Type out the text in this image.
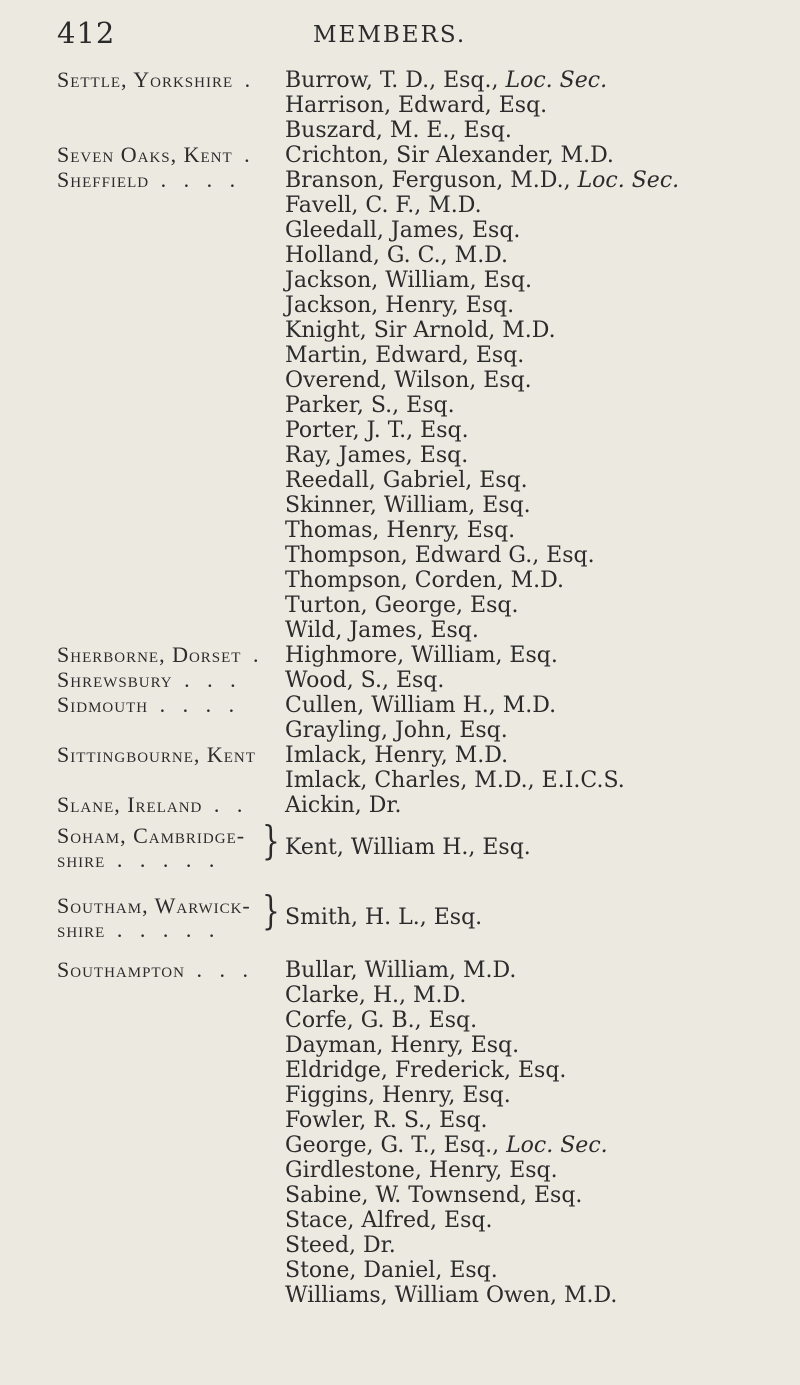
412	MEMBERS.
Settle, Yorkshire . Burrow, T. D., Esq., Loc. Sec.
Harrison, Edward, Esq.
Buszard, M. E., Esq.
Seven Oaks, Kent . Crichton, Sir Alexander, M.D.
Sheffield . . . .	Branson, Ferguson, M.D., Loc. Sec.
Favell, C. F., M.D.
Gleedall, James, Esq.
Holland, G. C., M.D.
Jackson, William, Esq.
Jackson, Henry, Esq.
Knight, Sir Arnold, M.D.
Martin, Edward, Esq.
Overend, Wilson, Esq.
Parker, S., Esq.
Porter, J. T., Esq.
Ray, James, Esq.
Reedall, Gabriel, Esq.
Skinner, William, Esq.
Thomas, Henry, Esq.
Thompson, Edward G., Esq.
Thompson, Corden, M.D.
Turton, George, Esq.
Wild, James, Esq.
Sherborne, Dorset . Highmore, William, Esq.
Shrewsbury . . .	Wood, S., Esq.
Sidmouth . . . .	Cullen, William H., M.D.
Grayling, John, Esq.
Sittingbourne, Kent Imlack, Henry, M.D.
Imlack, Charles, M.D., E.I.C.S.
Slane, Ireland . .	Aickin, Dr.
Soham, Cambridge-
shire . . . . .	} Kent, William H., Esq.
Southam, Warwick-
shire . . . . .	} Smith, H. L., Esq.
Southampton . . .	Bullar, William, M.D.
Clarke, H., M.D.
Corfe, G. B., Esq.
Dayman, Henry, Esq.
Eldridge, Frederick, Esq.
Figgins, Henry, Esq.
Fowler, R. S., Esq.
George, G. T., Esq., Loc. Sec.
Girdlestone, Henry, Esq.
Sabine, W. Townsend, Esq.
Stace, Alfred, Esq.
Steed, Dr.
Stone, Daniel, Esq.
Williams, William Owen, M.D.
